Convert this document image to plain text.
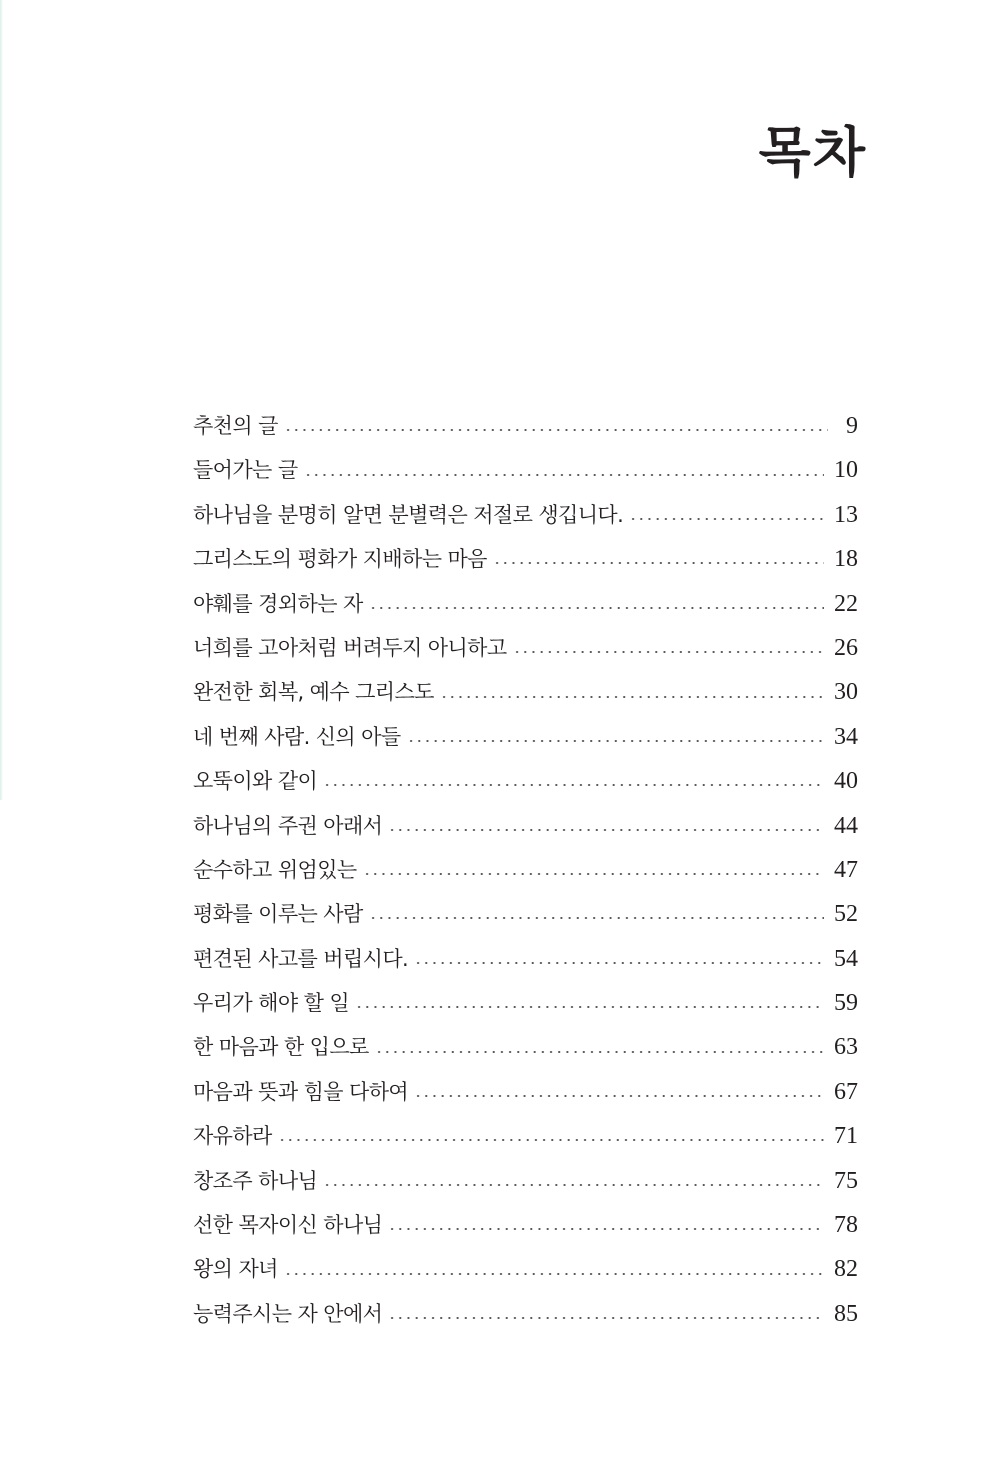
목차
추천의 글	9
들어가는 글	10
하나님을 분명히 알면 분별력은 저절로 생깁니다.	13
그리스도의 평화가 지배하는 마음	18
야훼를 경외하는 자	22
너희를 고아처럼 버려두지 아니하고	26
완전한 회복, 예수 그리스도	30
네 번째 사람. 신의 아들	34
오뚝이와 같이	40
하나님의 주권 아래서	44
순수하고 위엄있는	47
평화를 이루는 사람	52
편견된 사고를 버립시다.	54
우리가 해야 할 일	59
한 마음과 한 입으로	63
마음과 뜻과 힘을 다하여	67
자유하라	71
창조주 하나님	75
선한 목자이신 하나님	78
왕의 자녀	82
능력주시는 자 안에서	85
